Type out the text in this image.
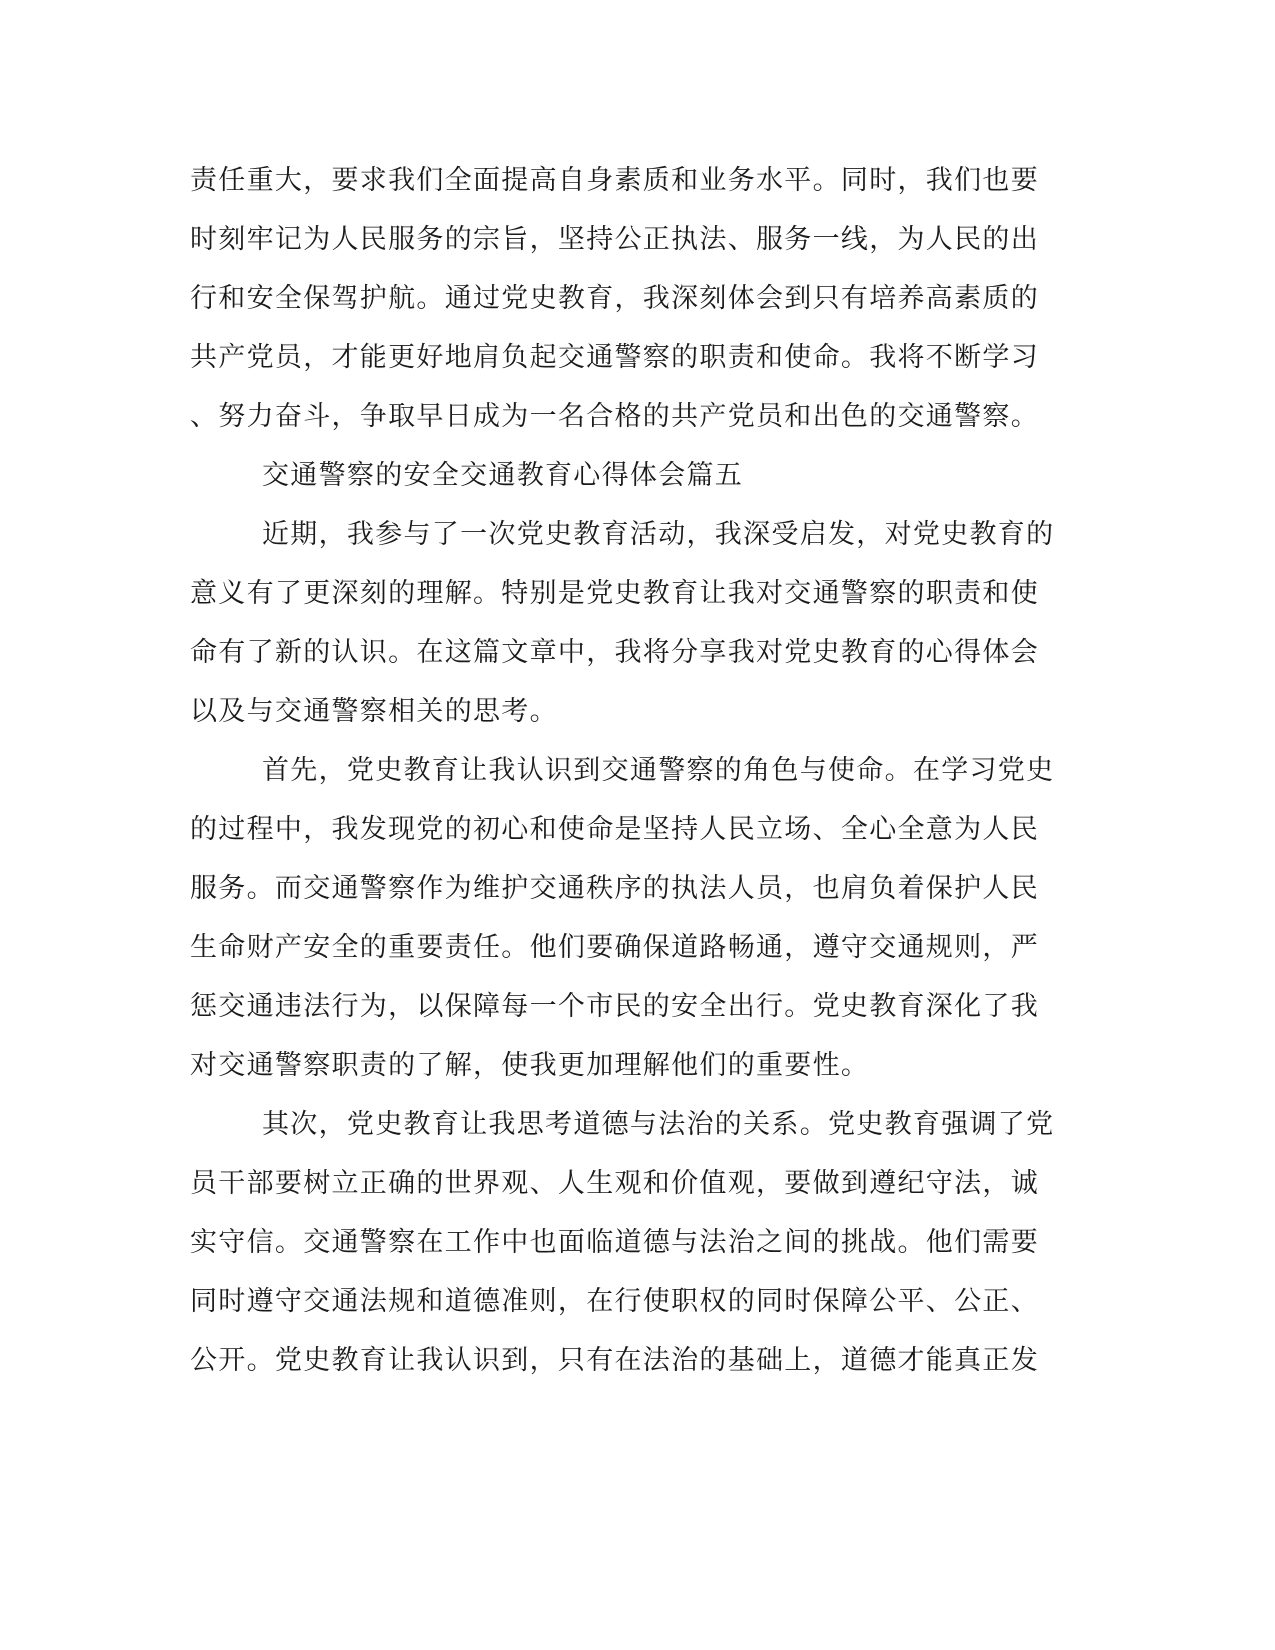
责任重大，要求我们全面提高自身素质和业务水平。同时，我们也要
时刻牢记为人民服务的宗旨，坚持公正执法、服务一线，为人民的出
行和安全保驾护航。通过党史教育，我深刻体会到只有培养高素质的
共产党员，才能更好地肩负起交通警察的职责和使命。我将不断学习
、努力奋斗，争取早日成为一名合格的共产党员和出色的交通警察。
交通警察的安全交通教育心得体会篇五
近期，我参与了一次党史教育活动，我深受启发，对党史教育的
意义有了更深刻的理解。特别是党史教育让我对交通警察的职责和使
命有了新的认识。在这篇文章中，我将分享我对党史教育的心得体会
以及与交通警察相关的思考。
首先，党史教育让我认识到交通警察的角色与使命。在学习党史
的过程中，我发现党的初心和使命是坚持人民立场、全心全意为人民
服务。而交通警察作为维护交通秩序的执法人员，也肩负着保护人民
生命财产安全的重要责任。他们要确保道路畅通，遵守交通规则，严
惩交通违法行为，以保障每一个市民的安全出行。党史教育深化了我
对交通警察职责的了解，使我更加理解他们的重要性。
其次，党史教育让我思考道德与法治的关系。党史教育强调了党
员干部要树立正确的世界观、人生观和价值观，要做到遵纪守法，诚
实守信。交通警察在工作中也面临道德与法治之间的挑战。他们需要
同时遵守交通法规和道德准则，在行使职权的同时保障公平、公正、
公开。党史教育让我认识到，只有在法治的基础上，道德才能真正发
